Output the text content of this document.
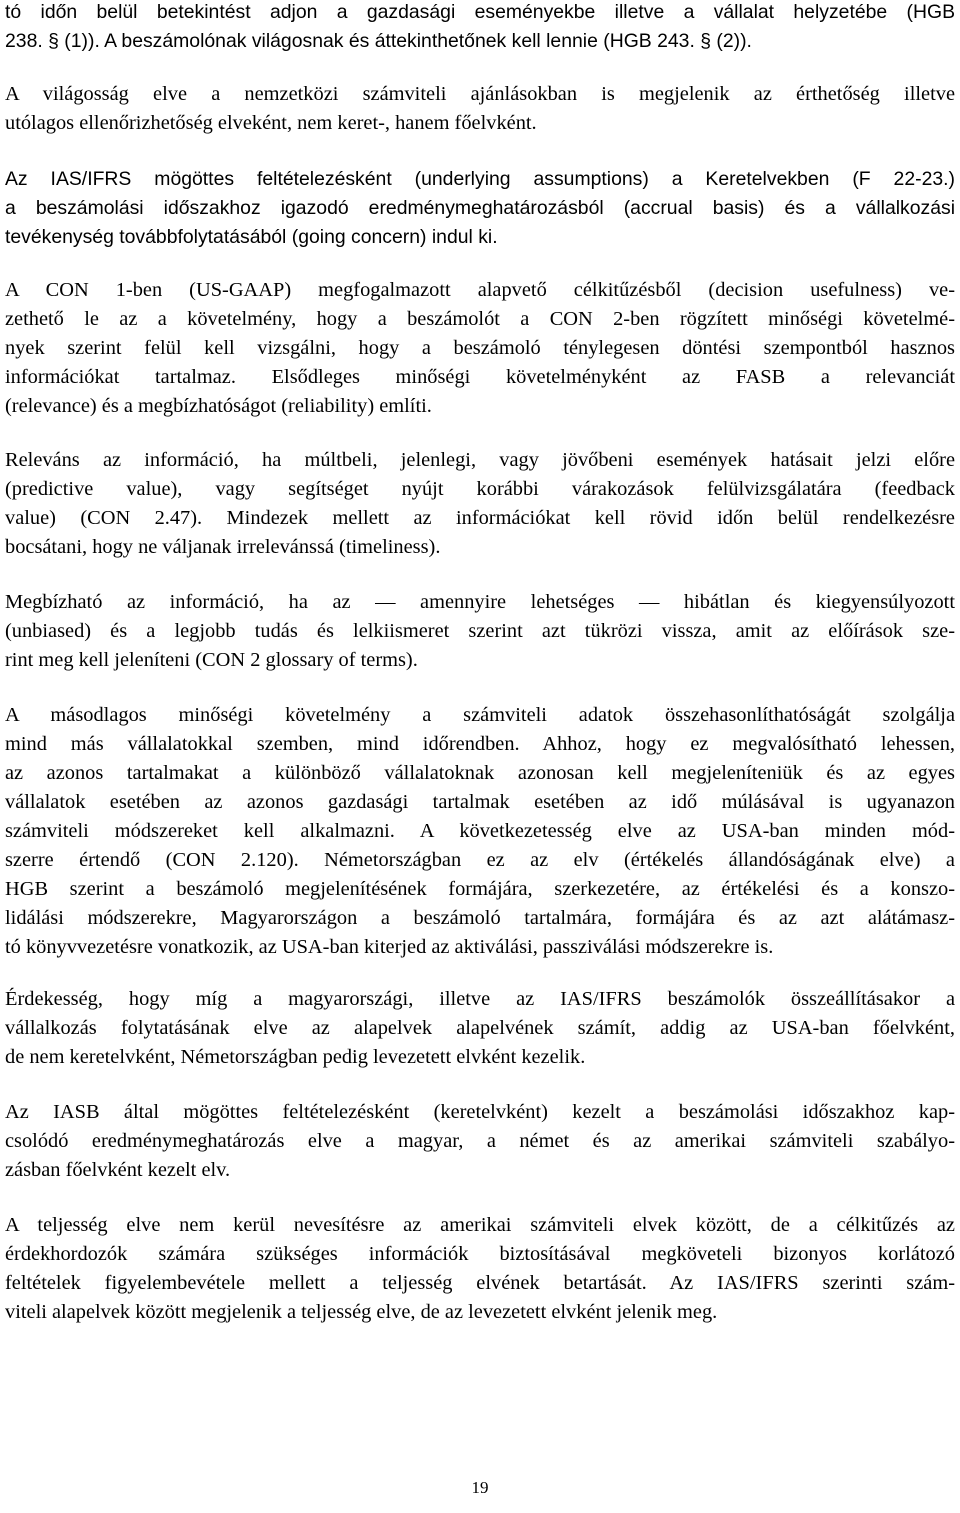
tó időn belül betekintést adjon a gazdasági eseményekbe illetve a vállalat helyzetébe (HGB
238. § (1)). A beszámolónak világosnak és áttekinthetőnek kell lennie (HGB 243. § (2)).

A világosság elve a nemzetközi számviteli ajánlásokban is megjelenik az érthetőség illetve
utólagos ellenőrizhetőség elveként, nem keret-, hanem főelvként.

Az IAS/IFRS mögöttes feltételezésként (underlying assumptions) a Keretelvekben (F 22-23.)
a beszámolási időszakhoz igazodó eredménymeghatározásból (accrual basis) és a vállalkozási
tevékenység továbbfolytatásából (going concern) indul ki.

A CON 1-ben (US-GAAP) megfogalmazott alapvető célkitűzésből (decision usefulness) ve-
zethető le az a követelmény, hogy a beszámolót a CON 2-ben rögzített minőségi követelmé-
nyek szerint felül kell vizsgálni, hogy a beszámoló ténylegesen döntési szempontból hasznos
információkat tartalmaz. Elsődleges minőségi követelményként az FASB a relevanciát
(relevance) és a megbízhatóságot (reliability) említi.

Releváns az információ, ha múltbeli, jelenlegi, vagy jövőbeni események hatásait jelzi előre
(predictive value), vagy segítséget nyújt korábbi várakozások felülvizsgálatára (feedback
value) (CON 2.47). Mindezek mellett az információkat kell rövid időn belül rendelkezésre
bocsátani, hogy ne váljanak irrelevánssá (timeliness).

Megbízható az információ, ha az — amennyire lehetséges — hibátlan és kiegyensúlyozott
(unbiased) és a legjobb tudás és lelkiismeret szerint azt tükrözi vissza, amit az előírások sze-
rint meg kell jeleníteni (CON 2 glossary of terms).

A másodlagos minőségi követelmény a számviteli adatok összehasonlíthatóságát szolgálja
mind más vállalatokkal szemben, mind időrendben. Ahhoz, hogy ez megvalósítható lehessen,
az azonos tartalmakat a különböző vállalatoknak azonosan kell megjeleníteniük és az egyes
vállalatok esetében az azonos gazdasági tartalmak esetében az idő múlásával is ugyanazon
számviteli módszereket kell alkalmazni. A következetesség elve az USA-ban minden mód-
szerre értendő (CON 2.120). Németországban ez az elv (értékelés állandóságának elve) a
HGB szerint a beszámoló megjelenítésének formájára, szerkezetére, az értékelési és a konszo-
lidálási módszerekre, Magyarországon a beszámoló tartalmára, formájára és az azt alátámasz-
tó könyvvezetésre vonatkozik, az USA-ban kiterjed az aktiválási, passziválási módszerekre is.

Érdekesség, hogy míg a magyarországi, illetve az IAS/IFRS beszámolók összeállításakor a
vállalkozás folytatásának elve az alapelvek alapelvének számít, addig az USA-ban főelvként,
de nem keretelvként, Németországban pedig levezetett elvként kezelik.

Az IASB által mögöttes feltételezésként (keretelvként) kezelt a beszámolási időszakhoz kap-
csolódó eredménymeghatározás elve a magyar, a német és az amerikai számviteli szabályo-
zásban főelvként kezelt elv.

A teljesség elve nem kerül nevesítésre az amerikai számviteli elvek között, de a célkitűzés az
érdekhordozók számára szükséges információk biztosításával megköveteli bizonyos korlátozó
feltételek figyelembevétele mellett a teljesség elvének betartását. Az IAS/IFRS szerinti szám-
viteli alapelvek között megjelenik a teljesség elve, de az levezetett elvként jelenik meg.

19
